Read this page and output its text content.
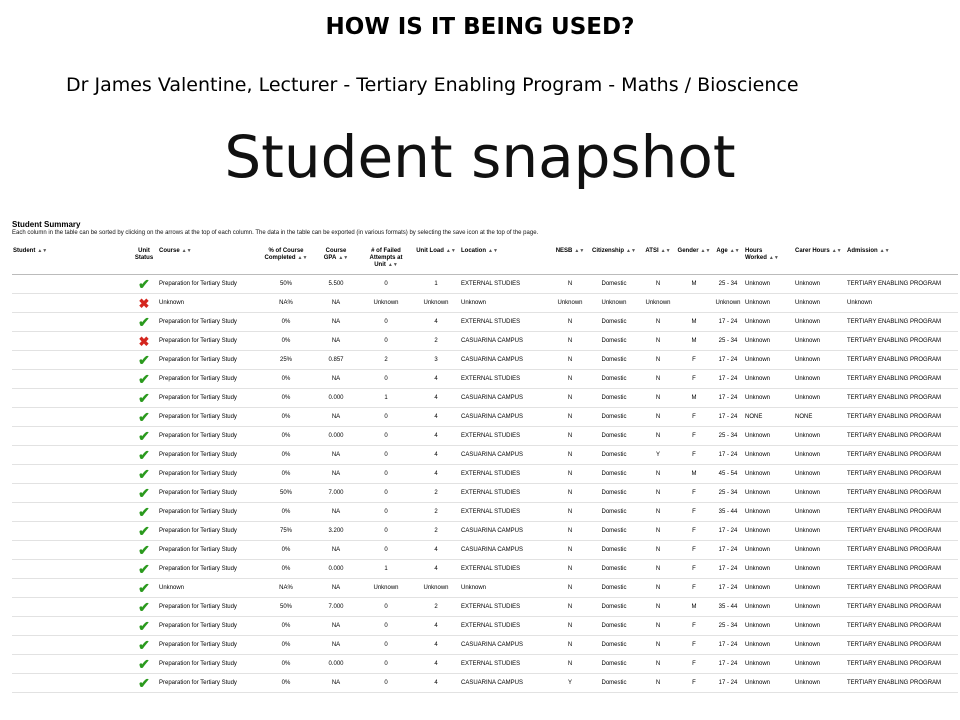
HOW IS IT BEING USED?
Dr James Valentine, Lecturer - Tertiary Enabling Program - Maths / Bioscience
Student snapshot
Student Summary
Each column in the table can be sorted by clicking on the arrows at the top of each column. The data in the table can be exported (in various formats) by selecting the save icon at the top of the page.
Student ▲▼	Unit Status	Course ▲▼	% of Course Completed ▲▼	Course GPA ▲▼	# of Failed Attempts at Unit ▲▼	Unit Load ▲▼	Location ▲▼	NESB ▲▼	Citizenship ▲▼	ATSI ▲▼	Gender ▲▼	Age ▲▼	Hours Worked ▲▼	Carer Hours ▲▼	Admission ▲▼
	✔	Preparation for Tertiary Study	50%	5.500	0	1	EXTERNAL STUDIES	N	Domestic	N	M	25 - 34	Unknown	Unknown	TERTIARY ENABLING PROGRAM
	✖	Unknown	NA%	NA	Unknown	Unknown	Unknown	Unknown	Unknown	Unknown		Unknown	Unknown	Unknown	Unknown
	✔	Preparation for Tertiary Study	0%	NA	0	4	EXTERNAL STUDIES	N	Domestic	N	M	17 - 24	Unknown	Unknown	TERTIARY ENABLING PROGRAM
	✖	Preparation for Tertiary Study	0%	NA	0	2	CASUARINA CAMPUS	N	Domestic	N	M	25 - 34	Unknown	Unknown	TERTIARY ENABLING PROGRAM
	✔	Preparation for Tertiary Study	25%	0.857	2	3	CASUARINA CAMPUS	N	Domestic	N	F	17 - 24	Unknown	Unknown	TERTIARY ENABLING PROGRAM
	✔	Preparation for Tertiary Study	0%	NA	0	4	EXTERNAL STUDIES	N	Domestic	N	F	17 - 24	Unknown	Unknown	TERTIARY ENABLING PROGRAM
	✔	Preparation for Tertiary Study	0%	0.000	1	4	CASUARINA CAMPUS	N	Domestic	N	M	17 - 24	Unknown	Unknown	TERTIARY ENABLING PROGRAM
	✔	Preparation for Tertiary Study	0%	NA	0	4	CASUARINA CAMPUS	N	Domestic	N	F	17 - 24	NONE	NONE	TERTIARY ENABLING PROGRAM
	✔	Preparation for Tertiary Study	0%	0.000	0	4	EXTERNAL STUDIES	N	Domestic	N	F	25 - 34	Unknown	Unknown	TERTIARY ENABLING PROGRAM
	✔	Preparation for Tertiary Study	0%	NA	0	4	CASUARINA CAMPUS	N	Domestic	Y	F	17 - 24	Unknown	Unknown	TERTIARY ENABLING PROGRAM
	✔	Preparation for Tertiary Study	0%	NA	0	4	EXTERNAL STUDIES	N	Domestic	N	M	45 - 54	Unknown	Unknown	TERTIARY ENABLING PROGRAM
	✔	Preparation for Tertiary Study	50%	7.000	0	2	EXTERNAL STUDIES	N	Domestic	N	F	25 - 34	Unknown	Unknown	TERTIARY ENABLING PROGRAM
	✔	Preparation for Tertiary Study	0%	NA	0	2	EXTERNAL STUDIES	N	Domestic	N	F	35 - 44	Unknown	Unknown	TERTIARY ENABLING PROGRAM
	✔	Preparation for Tertiary Study	75%	3.200	0	2	CASUARINA CAMPUS	N	Domestic	N	F	17 - 24	Unknown	Unknown	TERTIARY ENABLING PROGRAM
	✔	Preparation for Tertiary Study	0%	NA	0	4	CASUARINA CAMPUS	N	Domestic	N	F	17 - 24	Unknown	Unknown	TERTIARY ENABLING PROGRAM
	✔	Preparation for Tertiary Study	0%	0.000	1	4	EXTERNAL STUDIES	N	Domestic	N	F	17 - 24	Unknown	Unknown	TERTIARY ENABLING PROGRAM
	✔	Unknown	NA%	NA	Unknown	Unknown	Unknown	N	Domestic	N	F	17 - 24	Unknown	Unknown	TERTIARY ENABLING PROGRAM
	✔	Preparation for Tertiary Study	50%	7.000	0	2	EXTERNAL STUDIES	N	Domestic	N	M	35 - 44	Unknown	Unknown	TERTIARY ENABLING PROGRAM
	✔	Preparation for Tertiary Study	0%	NA	0	4	EXTERNAL STUDIES	N	Domestic	N	F	25 - 34	Unknown	Unknown	TERTIARY ENABLING PROGRAM
	✔	Preparation for Tertiary Study	0%	NA	0	4	CASUARINA CAMPUS	N	Domestic	N	F	17 - 24	Unknown	Unknown	TERTIARY ENABLING PROGRAM
	✔	Preparation for Tertiary Study	0%	0.000	0	4	EXTERNAL STUDIES	N	Domestic	N	F	17 - 24	Unknown	Unknown	TERTIARY ENABLING PROGRAM
	✔	Preparation for Tertiary Study	0%	NA	0	4	CASUARINA CAMPUS	Y	Domestic	N	F	17 - 24	Unknown	Unknown	TERTIARY ENABLING PROGRAM
